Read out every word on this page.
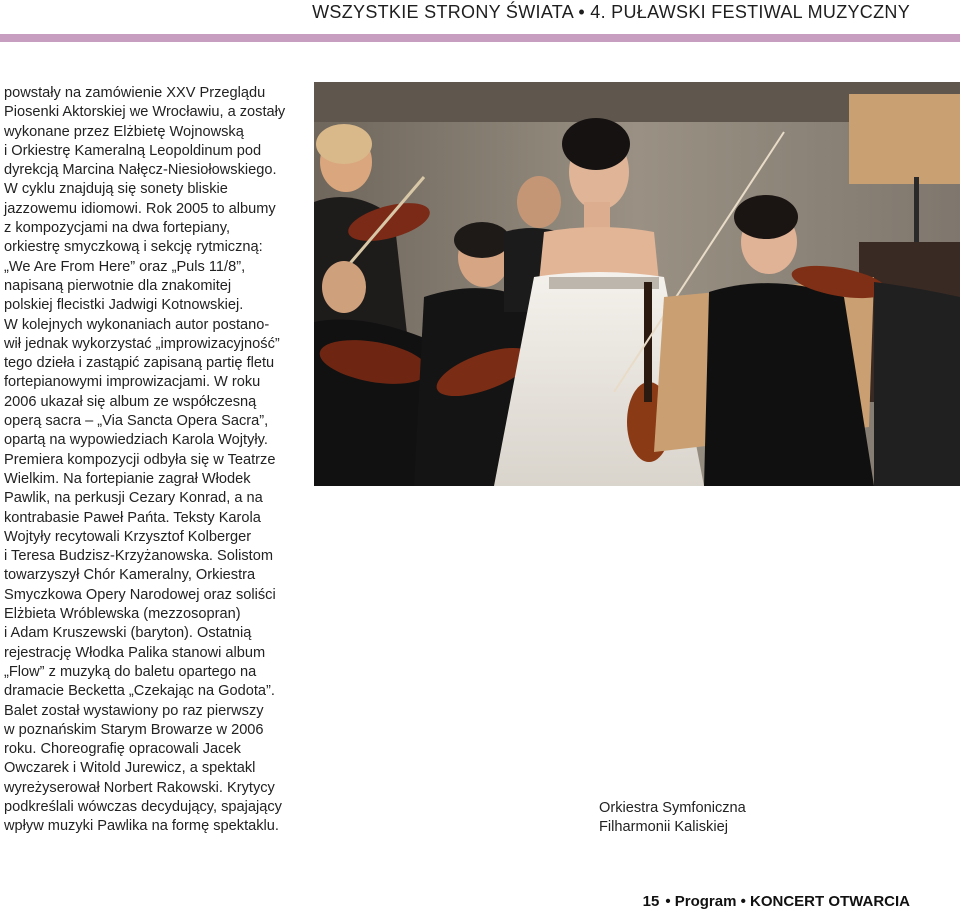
WSZYSTKIE STRONY ŚWIATA • 4. PUŁAWSKI FESTIWAL MUZYCZNY
powstały na zamówienie XXV Przeglądu
Piosenki Aktorskiej we Wrocławiu, a zostały
wykonane przez Elżbietę Wojnowską
i Orkiestrę Kameralną Leopoldinum pod
dyrekcją Marcina Nałęcz-Niesiołowskiego.
W cyklu znajdują się sonety bliskie
jazzowemu idiomowi. Rok 2005 to albumy
z kompozycjami na dwa fortepiany,
orkiestrę smyczkową i sekcję rytmiczną:
„We Are From Here” oraz „Puls 11/8”,
napisaną pierwotnie dla znakomitej
polskiej flecistki Jadwigi Kotnowskiej.
W kolejnych wykonaniach autor postano-
wił jednak wykorzystać „improwizacyjność”
tego dzieła i zastąpić zapisaną partię fletu
fortepianowymi improwizacjami. W roku
2006 ukazał się album ze współczesną
operą sacra – „Via Sancta Opera Sacra”,
opartą na wypowiedziach Karola Wojtyły.
Premiera kompozycji odbyła się w Teatrze
Wielkim. Na fortepianie zagrał Włodek
Pawlik, na perkusji Cezary Konrad, a na
kontrabasie Paweł Pańta. Teksty Karola
Wojtyły recytowali Krzysztof Kolberger
i Teresa Budzisz-Krzyżanowska. Solistom
towarzyszył Chór Kameralny, Orkiestra
Smyczkowa Opery Narodowej oraz soliści
Elżbieta Wróblewska (mezzosopran)
i Adam Kruszewski (baryton). Ostatnią
rejestrację Włodka Palika stanowi album
„Flow” z muzyką do baletu opartego na
dramacie Becketta „Czekając na Godota”.
Balet został wystawiony po raz pierwszy
w poznańskim Starym Browarze w 2006
roku. Choreografię opracowali Jacek
Owczarek i Witold Jurewicz, a spektakl
wyreżyserował Norbert Rakowski. Krytycy
podkreślali wówczas decydujący, spajający
wpływ muzyki Pawlika na formę spektaklu.
Orkiestra Symfoniczna
Filharmonii Kaliskiej
15 • Program • KONCERT OTWARCIA
